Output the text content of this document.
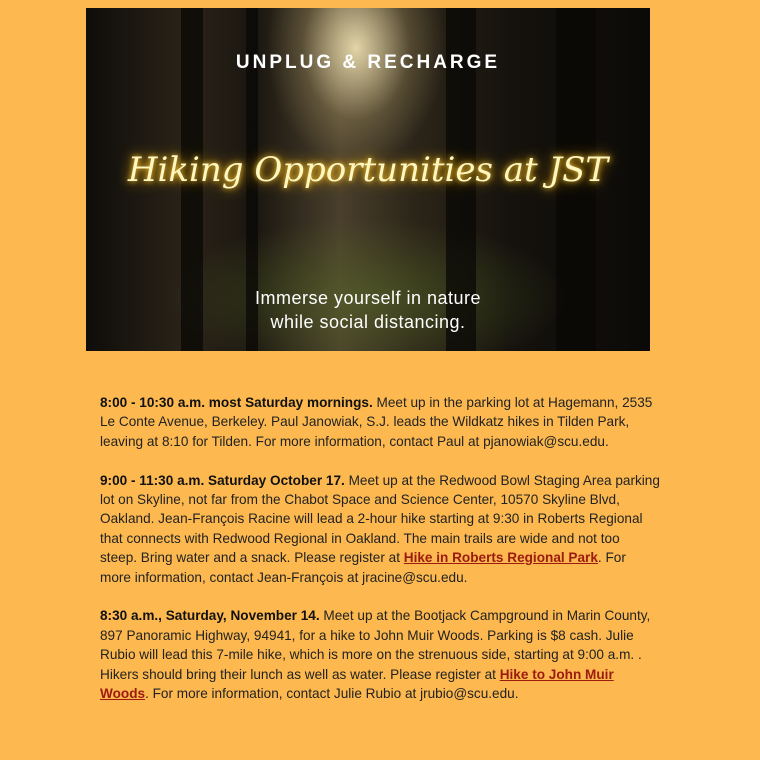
UNPLUG & RECHARGE
Hiking Opportunities at JST
Immerse yourself in nature
while social distancing.

8:00 - 10:30 a.m. most Saturday mornings. Meet up in the parking lot at Hagemann, 2535 Le Conte Avenue, Berkeley. Paul Janowiak, S.J. leads the Wildkatz hikes in Tilden Park, leaving at 8:10 for Tilden. For more information, contact Paul at pjanowiak@scu.edu.

9:00 - 11:30 a.m. Saturday October 17. Meet up at the Redwood Bowl Staging Area parking lot on Skyline, not far from the Chabot Space and Science Center, 10570 Skyline Blvd, Oakland. Jean-François Racine will lead a 2-hour hike starting at 9:30 in Roberts Regional that connects with Redwood Regional in Oakland. The main trails are wide and not too steep. Bring water and a snack. Please register at Hike in Roberts Regional Park. For more information, contact Jean-François at jracine@scu.edu.

8:30 a.m., Saturday, November 14. Meet up at the Bootjack Campground in Marin County, 897 Panoramic Highway, 94941, for a hike to John Muir Woods. Parking is $8 cash. Julie Rubio will lead this 7-mile hike, which is more on the strenuous side, starting at 9:00 a.m. . Hikers should bring their lunch as well as water. Please register at Hike to John Muir Woods. For more information, contact Julie Rubio at jrubio@scu.edu.
